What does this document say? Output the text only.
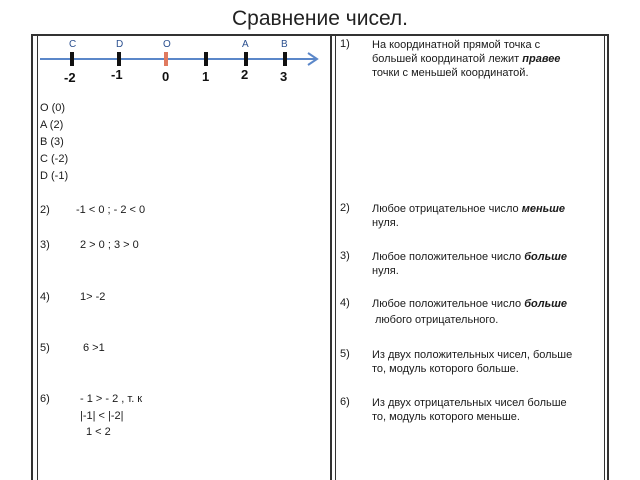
Сравнение чисел.
C	D	O	A	B
-2	-1	0	1 2 3
O (0)
A (2)
B (3)
C (-2)
D (-1)
2) -1 < 0 ; - 2 < 0
3)	2 > 0 ; 3 > 0
4)	1> -2
5)	6 >1
6)	- 1 > - 2 , т. к
|-1| < |-2|
1 < 2
1) На координатной прямой точка с
большей координатой лежит правее
точки с меньшей координатой.
2) Любое отрицательное число меньше
нуля.
3) Любое положительное число больше
нуля.
4) Любое положительное число больше
любого отрицательного.
5) Из двух положительных чисел, больше
то, модуль которого больше.
6) Из двух отрицательных чисел больше
то, модуль которого меньше.
